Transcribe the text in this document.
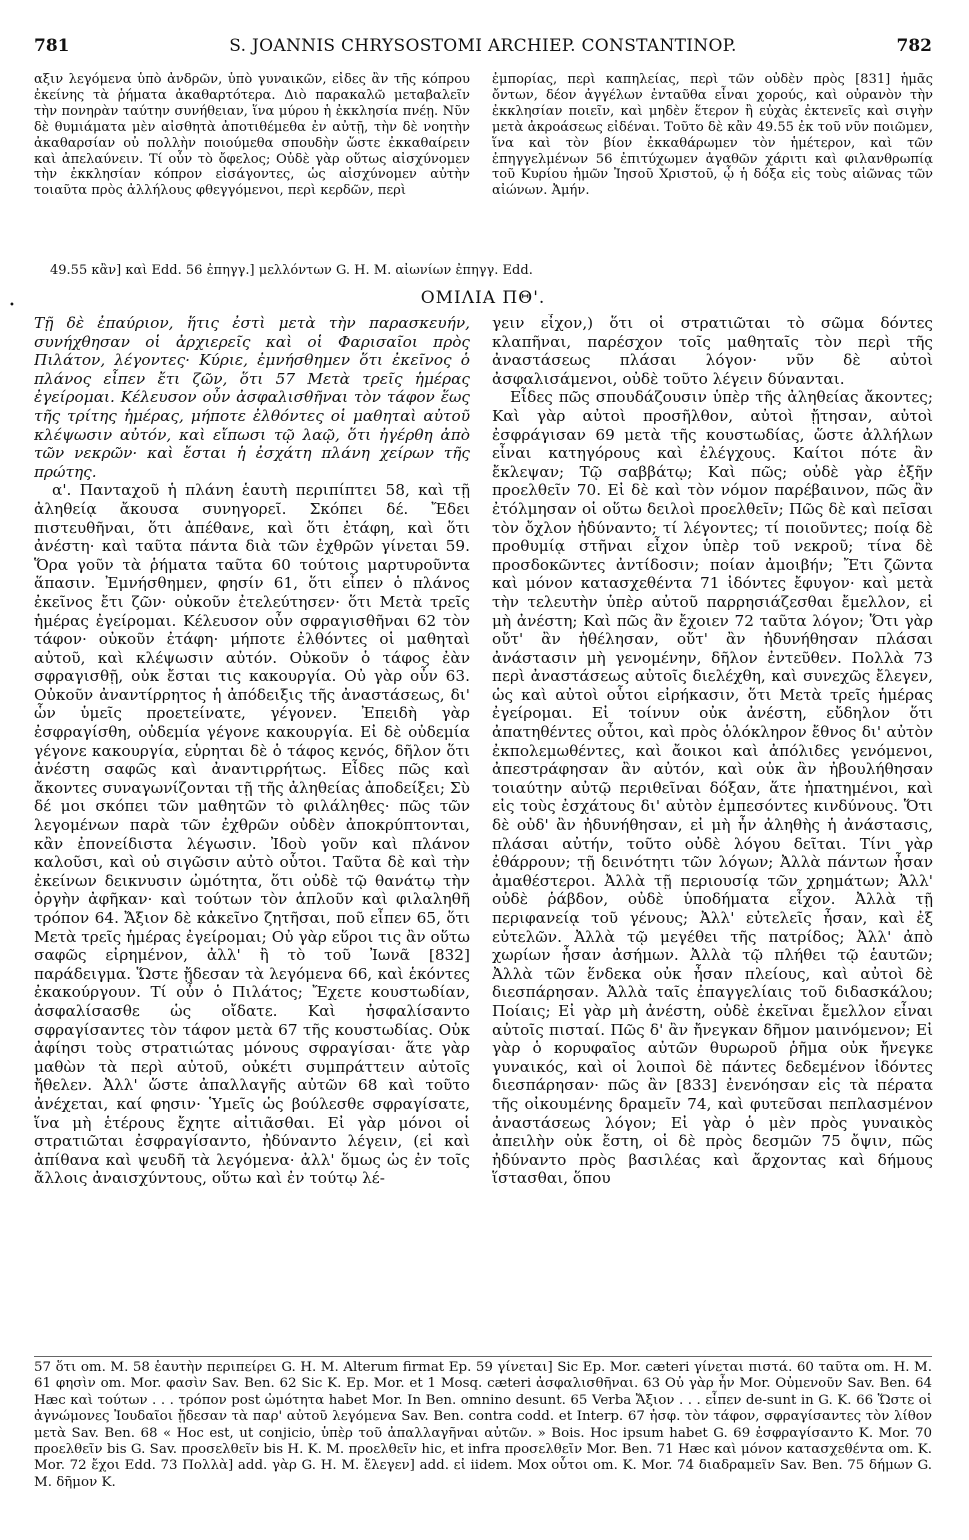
781	S. JOANNIS CHRYSOSTOMI ARCHIEP. CONSTANTINOP.	782

αξιν λεγόμενα ὑπὸ ἀνδρῶν, ὑπὸ γυναικῶν, εἶδες ἂν τῆς κόπρου ἐκείνης τὰ ῥήματα ἀκαθαρτότερα. Διὸ παρακαλῶ μεταβαλεῖν τὴν πονηρὰν ταύτην συνήθειαν, ἵνα μύρου ἡ ἐκκλησία πνέῃ. Νῦν δὲ θυμιάματα μὲν αἰσθητὰ ἀποτιθέμεθα ἐν αὐτῇ, τὴν δὲ νοητὴν ἀκαθαρσίαν οὐ πολλὴν ποιούμεθα σπουδὴν ὥστε ἐκκαθαίρειν καὶ ἀπελαύνειν. Τί οὖν τὸ ὄφελος; Οὐδὲ γὰρ οὕτως αἰσχύνομεν τὴν ἐκκλησίαν κόπρον εἰσάγοντες, ὡς αἰσχύνομεν αὐτὴν τοιαῦτα πρὸς ἀλλήλους φθεγγόμενοι, περὶ κερδῶν, περὶ

ἐμπορίας, περὶ καπηλείας, περὶ τῶν οὐδὲν πρὸς [831] ἡμᾶς ὄντων, δέον ἀγγέλων ἐνταῦθα εἶναι χορούς, καὶ οὐρανὸν τὴν ἐκκλησίαν ποιεῖν, καὶ μηδὲν ἕτερον ἢ εὐχὰς ἐκτενεῖς καὶ σιγὴν μετὰ ἀκροάσεως εἰδέναι. Τοῦτο δὲ κἂν 49.55 ἐκ τοῦ νῦν ποιῶμεν, ἵνα καὶ τὸν βίον ἐκκαθάρωμεν τὸν ἡμέτερον, καὶ τῶν ἐπηγγελμένων 56 ἐπιτύχωμεν ἀγαθῶν χάριτι καὶ φιλανθρωπίᾳ τοῦ Κυρίου ἡμῶν Ἰησοῦ Χριστοῦ, ᾧ ἡ δόξα εἰς τοὺς αἰῶνας τῶν αἰώνων. Ἀμήν.

49.55 κἂν] καὶ Edd. 56 ἐπηγγ.] μελλόντων G. H. M. αἰωνίων ἐπηγγ. Edd.
•	ΟΜΙΛΙΑ ΠΘ'.

Τῇ δὲ ἐπαύριον, ἥτις ἐστὶ μετὰ τὴν παρασκευήν, συνήχθησαν οἱ ἀρχιερεῖς καὶ οἱ Φαρισαῖοι πρὸς Πιλάτον, λέγοντες· Κύριε, ἐμνήσθημεν ὅτι ἐκεῖνος ὁ πλάνος εἶπεν ἔτι ζῶν, ὅτι 57 Μετὰ τρεῖς ἡμέρας ἐγείρομαι. Κέλευσον οὖν ἀσφαλισθῆναι τὸν τάφον ἕως τῆς τρίτης ἡμέρας, μήποτε ἐλθόντες οἱ μαθηταὶ αὐτοῦ κλέψωσιν αὐτόν, καὶ εἴπωσι τῷ λαῷ, ὅτι ἠγέρθη ἀπὸ τῶν νεκρῶν· καὶ ἔσται ἡ ἐσχάτη πλάνη χείρων τῆς πρώτης.

α'. Πανταχοῦ ἡ πλάνη ἑαυτὴ περιπίπτει 58, καὶ τῇ ἀληθείᾳ ἄκουσα συνηγορεῖ. Σκόπει δέ. Ἔδει πιστευθῆναι, ὅτι ἀπέθανε, καὶ ὅτι ἐτάφη, καὶ ὅτι ἀνέστη· καὶ ταῦτα πάντα διὰ τῶν ἐχθρῶν γίνεται 59. Ὅρα γοῦν τὰ ῥήματα ταῦτα 60 τούτοις μαρτυροῦντα ἅπασιν. Ἐμνήσθημεν, φησίν 61, ὅτι εἶπεν ὁ πλάνος ἐκεῖνος ἔτι ζῶν· οὐκοῦν ἐτελεύτησεν· ὅτι Μετὰ τρεῖς ἡμέρας ἐγείρομαι. Κέλευσον οὖν σφραγισθῆναι 62 τὸν τάφον· οὐκοῦν ἐτάφη· μήποτε ἐλθόντες οἱ μαθηταὶ αὐτοῦ, καὶ κλέψωσιν αὐτόν. Οὐκοῦν ὁ τάφος ἐὰν σφραγισθῇ, οὐκ ἔσται τις κακουργία. Οὐ γὰρ οὖν 63. Οὐκοῦν ἀναντίρρητος ἡ ἀπόδειξις τῆς ἀναστάσεως, δι' ὧν ὑμεῖς προετείνατε, γέγονεν. Ἐπειδὴ γὰρ ἐσφραγίσθη, οὐδεμία γέγονε κακουργία. Εἰ δὲ οὐδεμία γέγονε κακουργία, εὑρηται δὲ ὁ τάφος κενός, δῆλον ὅτι ἀνέστη σαφῶς καὶ ἀναντιρρήτως. Εἶδες πῶς καὶ ἄκοντες συναγωνίζονται τῇ τῆς ἀληθείας ἀποδείξει; Σὺ δέ μοι σκόπει τῶν μαθητῶν τὸ φιλάληθες· πῶς τῶν λεγομένων παρὰ τῶν ἐχθρῶν οὐδὲν ἀποκρύπτονται, κἂν ἐπονείδιστα λέγωσιν. Ἰδοὺ γοῦν καὶ πλάνον καλοῦσι, καὶ οὐ σιγῶσιν αὐτὸ οὗτοι. Ταῦτα δὲ καὶ τὴν ἐκείνων δεικνυσιν ὠμότητα, ὅτι οὐδὲ τῷ θανάτῳ τὴν ὀργὴν ἀφῆκαν· καὶ τούτων τὸν ἁπλοῦν καὶ φιλαληθῆ τρόπον 64. Ἄξιον δὲ κἀκεῖνο ζητῆσαι, ποῦ εἶπεν 65, ὅτι Μετὰ τρεῖς ἡμέρας ἐγείρομαι; Οὐ γὰρ εὕροι τις ἂν οὕτω σαφῶς εἰρημένον, ἀλλ' ἢ τὸ τοῦ Ἰωνᾶ [832] παράδειγμα. Ὥστε ᾔδεσαν τὰ λεγόμενα 66, καὶ ἑκόντες ἐκακούργουν. Τί οὖν ὁ Πιλάτος; Ἔχετε κουστωδίαν, ἀσφαλίσασθε ὡς οἴδατε. Καὶ ἠσφαλίσαντο σφραγίσαντες τὸν τάφον μετὰ 67 τῆς κουστωδίας. Οὐκ ἀφίησι τοὺς στρατιώτας μόνους σφραγίσαι· ἅτε γὰρ μαθὼν τὰ περὶ αὐτοῦ, οὐκέτι συμπράττειν αὐτοῖς ἤθελεν. Ἀλλ' ὥστε ἀπαλλαγῆς αὐτῶν 68 καὶ τοῦτο ἀνέχεται, καί φησιν· Ὑμεῖς ὡς βούλεσθε σφραγίσατε, ἵνα μὴ ἑτέρους ἔχητε αἰτιᾶσθαι. Εἰ γὰρ μόνοι οἱ στρατιῶται ἐσφραγίσαντο, ἠδύναντο λέγειν, (εἰ καὶ ἀπίθανα καὶ ψευδῆ τὰ λεγόμενα· ἀλλ' ὅμως ὡς ἐν τοῖς ἄλλοις ἀναισχύντους, οὕτω καὶ ἐν τούτῳ λέ-

γειν εἶχον,) ὅτι οἱ στρατιῶται τὸ σῶμα δόντες κλαπῆναι, παρέσχον τοῖς μαθηταῖς τὸν περὶ τῆς ἀναστάσεως πλάσαι λόγον· νῦν δὲ αὐτοὶ ἀσφαλισάμενοι, οὐδὲ τοῦτο λέγειν δύνανται.

Εἶδες πῶς σπουδάζουσιν ὑπὲρ τῆς ἀληθείας ἄκοντες; Καὶ γὰρ αὐτοὶ προσῆλθον, αὐτοὶ ᾔτησαν, αὐτοὶ ἐσφράγισαν 69 μετὰ τῆς κουστωδίας, ὥστε ἀλλήλων εἶναι κατηγόρους καὶ ἐλέγχους. Καίτοι πότε ἂν ἔκλεψαν; Τῷ σαββάτῳ; Καὶ πῶς; οὐδὲ γὰρ ἐξῆν προελθεῖν 70. Εἰ δὲ καὶ τὸν νόμον παρέβαινον, πῶς ἂν ἐτόλμησαν οἱ οὕτω δειλοὶ προελθεῖν; Πῶς δὲ καὶ πεῖσαι τὸν ὄχλον ἠδύναντο; τί λέγοντες; τί ποιοῦντες; ποίᾳ δὲ προθυμίᾳ στῆναι εἶχον ὑπὲρ τοῦ νεκροῦ; τίνα δὲ προσδοκῶντες ἀντίδοσιν; ποίαν ἀμοιβήν; Ἔτι ζῶντα καὶ μόνον κατασχεθέντα 71 ἰδόντες ἔφυγον· καὶ μετὰ τὴν τελευτὴν ὑπὲρ αὐτοῦ παρρησιάζεσθαι ἔμελλον, εἰ μὴ ἀνέστη; Καὶ πῶς ἂν ἔχοιεν 72 ταῦτα λόγον; Ὅτι γὰρ οὔτ' ἂν ἠθέλησαν, οὔτ' ἂν ἠδυνήθησαν πλάσαι ἀνάστασιν μὴ γενομένην, δῆλον ἐντεῦθεν. Πολλὰ 73 περὶ ἀναστάσεως αὐτοῖς διελέχθη, καὶ συνεχῶς ἔλεγεν, ὡς καὶ αὐτοὶ οὗτοι εἰρήκασιν, ὅτι Μετὰ τρεῖς ἡμέρας ἐγείρομαι. Εἰ τοίνυν οὐκ ἀνέστη, εὔδηλον ὅτι ἀπατηθέντες οὗτοι, καὶ πρὸς ὁλόκληρον ἔθνος δι' αὐτὸν ἐκπολεμωθέντες, καὶ ἄοικοι καὶ ἀπόλιδες γενόμενοι, ἀπεστράφησαν ἂν αὐτόν, καὶ οὐκ ἂν ἠβουλήθησαν τοιαύτην αὐτῷ περιθεῖναι δόξαν, ἅτε ἠπατημένοι, καὶ εἰς τοὺς ἐσχάτους δι' αὐτὸν ἐμπεσόντες κινδύνους. Ὅτι δὲ οὐδ' ἂν ἠδυνήθησαν, εἰ μὴ ἦν ἀληθὴς ἡ ἀνάστασις, πλάσαι αὐτήν, τοῦτο οὐδὲ λόγου δεῖται. Τίνι γὰρ ἐθάρρουν; τῇ δεινότητι τῶν λόγων; Ἀλλὰ πάντων ἦσαν ἀμαθέστεροι. Ἀλλὰ τῇ περιουσίᾳ τῶν χρημάτων; Ἀλλ' οὐδὲ ῥάβδον, οὐδὲ ὑποδήματα εἶχον. Ἀλλὰ τῇ περιφανείᾳ τοῦ γένους; Ἀλλ' εὐτελεῖς ἦσαν, καὶ ἐξ εὐτελῶν. Ἀλλὰ τῷ μεγέθει τῆς πατρίδος; Ἀλλ' ἀπὸ χωρίων ἦσαν ἀσήμων. Ἀλλὰ τῷ πλήθει τῷ ἑαυτῶν; Ἀλλὰ τῶν ἕνδεκα οὐκ ἦσαν πλείους, καὶ αὐτοὶ δὲ διεσπάρησαν. Ἀλλὰ ταῖς ἐπαγγελίαις τοῦ διδασκάλου; Ποίαις; Εἰ γὰρ μὴ ἀνέστη, οὐδὲ ἐκεῖναι ἔμελλον εἶναι αὐτοῖς πισταί. Πῶς δ' ἂν ἤνεγκαν δῆμον μαινόμενον; Εἰ γὰρ ὁ κορυφαῖος αὐτῶν θυρωροῦ ῥῆμα οὐκ ἤνεγκε γυναικός, καὶ οἱ λοιποὶ δὲ πάντες δεδεμένον ἰδόντες διεσπάρησαν· πῶς ἂν [833] ἐνενόησαν εἰς τὰ πέρατα τῆς οἰκουμένης δραμεῖν 74, καὶ φυτεῦσαι πεπλασμένον ἀναστάσεως λόγον; Εἰ γὰρ ὁ μὲν πρὸς γυναικὸς ἀπειλὴν οὐκ ἔστη, οἱ δὲ πρὸς δεσμῶν 75 ὄψιν, πῶς ἠδύναντο πρὸς βασιλέας καὶ ἄρχοντας καὶ δήμους ἵστασθαι, ὅπου

57 ὅτι om. M. 58 ἑαυτὴν περιπείρει G. H. M. Alterum firmat Ep. 59 γίνεται] Sic Ep. Mor. cæteri γίνεται πιστά. 60 ταῦτα om. H. M. 61 φησὶν om. Mor. φασὶν Sav. Ben. 62 Sic K. Ep. Mor. et 1 Mosq. cæteri ἀσφαλισθῆναι. 63 Οὐ γὰρ ἦν Mor. Οὐμενοῦν Sav. Ben. 64 Hæc καὶ τούτων . . . τρόπον post ὠμότητα habet Mor. In Ben. omnino desunt. 65 Verba Ἄξιον . . . εἶπεν de-sunt in G. K. 66 Ὥστε οἱ ἀγνώμονες Ἰουδαῖοι ᾔδεσαν τὰ παρ' αὐτοῦ λεγόμενα Sav. Ben. contra codd. et Interp. 67 ἠσφ. τὸν τάφον, σφραγίσαντες τὸν λίθον μετὰ Sav. Ben. 68 « Hoc est, ut conjicio, ὑπὲρ τοῦ ἀπαλλαγῆναι αὐτῶν. » Bois. Hoc ipsum habet G. 69 ἐσφραγίσαντο K. Mor. 70 προελθεῖν bis G. Sav. προσελθεῖν bis H. K. M. προελθεῖν hic, et infra προσελθεῖν Mor. Ben. 71 Hæc καὶ μόνον κατασχεθέντα om. K. Mor. 72 ἔχοι Edd. 73 Πολλὰ] add. γὰρ G. H. M. ἔλεγεν] add. εἰ iidem. Mox οὗτοι om. K. Mor. 74 διαδραμεῖν Sav. Ben. 75 δήμων G. M. δῆμον K.
